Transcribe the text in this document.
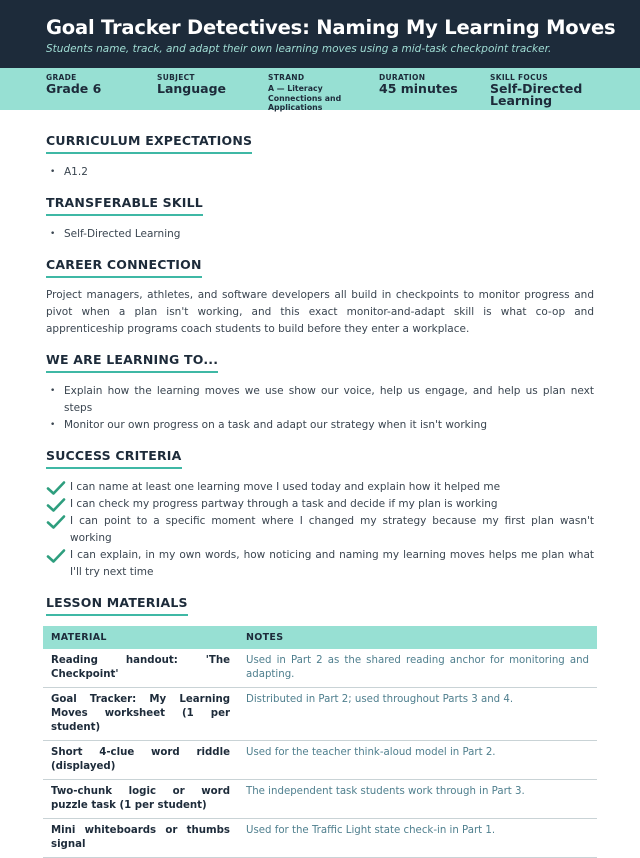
Goal Tracker Detectives: Naming My Learning Moves
Students name, track, and adapt their own learning moves using a mid-task checkpoint tracker.
GRADE
Grade 6
SUBJECT
Language
STRAND
A — Literacy Connections and Applications
DURATION
45 minutes
SKILL FOCUS
Self-Directed Learning
CURRICULUM EXPECTATIONS
• A1.2
TRANSFERABLE SKILL
• Self-Directed Learning
CAREER CONNECTION

Project managers, athletes, and software developers all build in checkpoints to monitor progress and pivot when a plan isn't working, and this exact monitor-and-adapt skill is what co-op and apprenticeship programs coach students to build before they enter a workplace.

WE ARE LEARNING TO...
• Explain how the learning moves we use show our voice, help us engage, and help us plan next steps
• Monitor our own progress on a task and adapt our strategy when it isn't working
SUCCESS CRITERIA
I can name at least one learning move I used today and explain how it helped me
I can check my progress partway through a task and decide if my plan is working
I can point to a specific moment where I changed my strategy because my first plan wasn't working
I can explain, in my own words, how noticing and naming my learning moves helps me plan what I'll try next time
LESSON MATERIALS
MATERIAL	NOTES
Reading handout: 'The Checkpoint'	Used in Part 2 as the shared reading anchor for monitoring and adapting.
Goal Tracker: My Learning Moves worksheet (1 per student)	Distributed in Part 2; used throughout Parts 3 and 4.
Short 4-clue word riddle (displayed)	Used for the teacher think-aloud model in Part 2.
Two-chunk logic or word puzzle task (1 per student)	The independent task students work through in Part 3.
Mini whiteboards or thumbs signal	Used for the Traffic Light state check-in in Part 1.
